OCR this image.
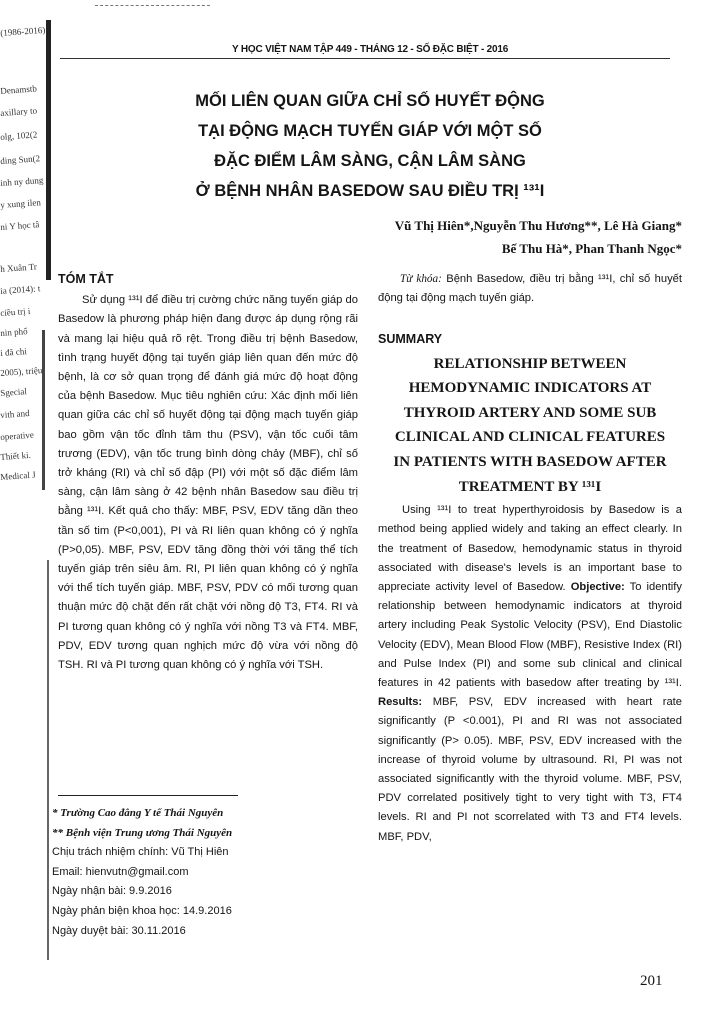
(1986-2016)
Denamstb
axillary to
olg, 102(2
ding Sun(2
inh ny dung
y xung ilen
ni Y học tâ
h Xuân Tr
ia (2014): t
ciều trị i
nin phổ
i đã chi
2005), triệu
Sgecial
vith and
operative
Thiết ki.
Medical J
Y HỌC VIỆT NAM TẬP 449 - THÁNG 12 - SỐ ĐẶC BIỆT - 2016
MỐI LIÊN QUAN GIỮA CHỈ SỐ HUYẾT ĐỘNG
TẠI ĐỘNG MẠCH TUYẾN GIÁP VỚI MỘT SỐ
ĐẶC ĐIỂM LÂM SÀNG, CẬN LÂM SÀNG
Ở BỆNH NHÂN BASEDOW SAU ĐIỀU TRỊ ¹³¹I
Vũ Thị Hiên*,Nguyễn Thu Hương**, Lê Hà Giang*
Bế Thu Hà*, Phan Thanh Ngọc*
TÓM TẮT
Sử dụng ¹³¹I để điều trị cường chức năng tuyến giáp do Basedow là phương pháp hiện đang được áp dụng rộng rãi và mang lại hiệu quả rõ rệt. Trong điều trị bệnh Basedow, tình trạng huyết động tại tuyến giáp liên quan đến mức độ bệnh, là cơ sở quan trọng để đánh giá mức độ hoạt động của bệnh Basedow. Mục tiêu nghiên cứu: Xác định mối liên quan giữa các chỉ số huyết động tại động mạch tuyến giáp bao gồm vận tốc đỉnh tâm thu (PSV), vận tốc cuối tâm trương (EDV), vận tốc trung bình dòng chảy (MBF), chỉ số trở kháng (RI) và chỉ số đập (PI) với một số đặc điểm lâm sàng, cận lâm sàng ở 42 bệnh nhân Basedow sau điều trị bằng ¹³¹I. Kết quả cho thấy: MBF, PSV, EDV tăng dần theo tần số tim (P<0,001), PI và RI liên quan không có ý nghĩa (P>0,05). MBF, PSV, EDV tăng đồng thời với tăng thể tích tuyến giáp trên siêu âm. RI, PI liên quan không có ý nghĩa với thể tích tuyến giáp. MBF, PSV, PDV có mối tương quan thuận mức độ chặt đến rất chặt với nồng độ T3, FT4. RI và PI tương quan không có ý nghĩa với nồng T3 và FT4. MBF, PDV, EDV tương quan nghịch mức độ vừa với nồng độ TSH. RI và PI tương quan không có ý nghĩa với TSH.
* Trường Cao đẳng Y tế Thái Nguyên
** Bệnh viện Trung ương Thái Nguyên
Chịu trách nhiệm chính: Vũ Thị Hiên
Email: hienvutn@gmail.com
Ngày nhận bài: 9.9.2016
Ngày phản biện khoa học: 14.9.2016
Ngày duyệt bài: 30.11.2016
Từ khóa: Bệnh Basedow, điều trị bằng ¹³¹I, chỉ số huyết động tại động mạch tuyến giáp.
SUMMARY
RELATIONSHIP BETWEEN
HEMODYNAMIC INDICATORS AT
THYROID ARTERY AND SOME SUB
CLINICAL AND CLINICAL FEATURES
IN PATIENTS WITH BASEDOW AFTER
TREATMENT BY ¹³¹I
Using ¹³¹I to treat hyperthyroidosis by Basedow is a method being applied widely and taking an effect clearly. In the treatment of Basedow, hemodynamic status in thyroid associated with disease's levels is an important base to appreciate activity level of Basedow. Objective: To identify relationship between hemodynamic indicators at thyroid artery including Peak Systolic Velocity (PSV), End Diastolic Velocity (EDV), Mean Blood Flow (MBF), Resistive Index (RI) and Pulse Index (PI) and some sub clinical and clinical features in 42 patients with basedow after treating by ¹³¹I. Results: MBF, PSV, EDV increased with heart rate significantly (P <0.001), PI and RI was not associated significantly (P> 0.05). MBF, PSV, EDV increased with the increase of thyroid volume by ultrasound. RI, PI was not associated significantly with the thyroid volume. MBF, PSV, PDV correlated positively tight to very tight with T3, FT4 levels. RI and PI not scorrelated with T3 and FT4 levels. MBF, PDV,
201
